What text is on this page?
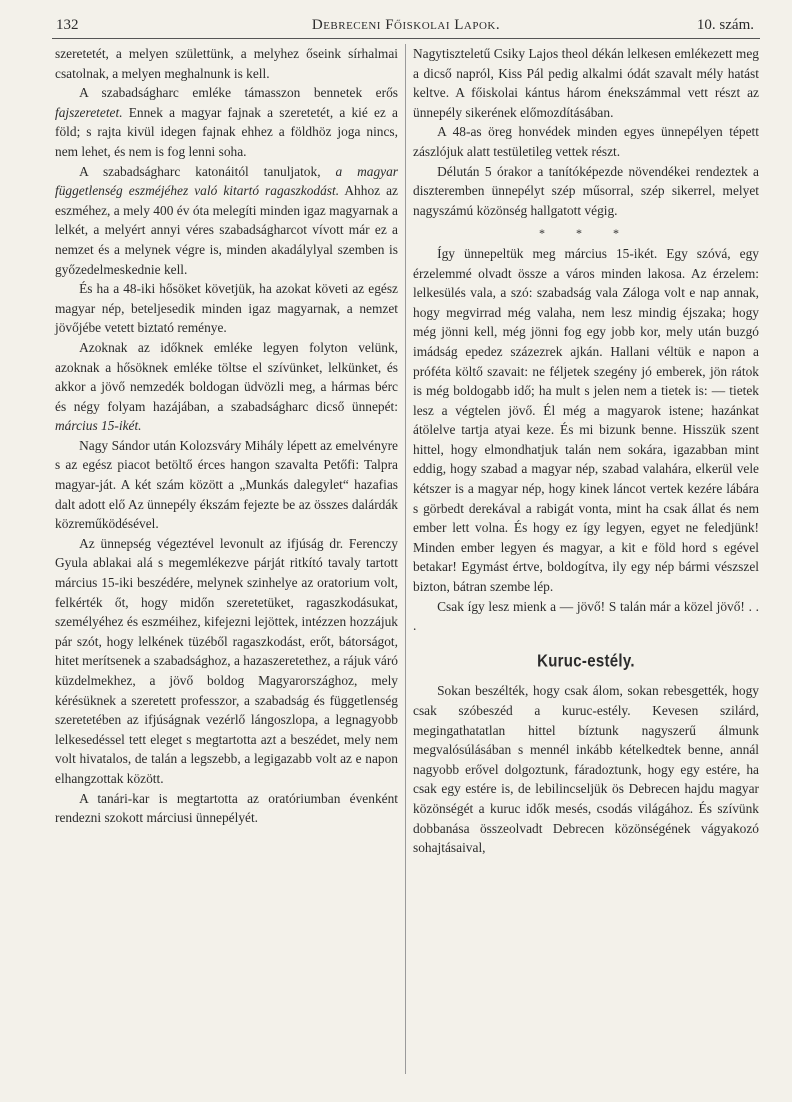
132	Debreceni Főiskolai Lapok.	10. szám.

szeretetét, a melyen születtünk, a melyhez őseink sírhalmai csatolnak, a melyen meghalnunk is kell.

A szabadságharc emléke támasszon bennetek erős fajszeretetet. Ennek a magyar fajnak a szeretetét, a kié ez a föld; s rajta kivül idegen fajnak ehhez a földhöz joga nincs, nem lehet, és nem is fog lenni soha.

A szabadságharc katonáitól tanuljatok, a magyar függetlenség eszméjéhez való kitartó ragaszkodást. Ahhoz az eszméhez, a mely 400 év óta melegíti minden igaz magyarnak a lelkét, a melyért annyi véres szabadságharcot vívott már ez a nemzet és a melynek végre is, minden akadálylyal szemben is győzedelmeskednie kell.

És ha a 48-iki hősöket követjük, ha azokat követi az egész magyar nép, beteljesedik minden igaz magyarnak, a nemzet jövőjébe vetett biztató reménye.

Azoknak az időknek emléke legyen folyton velünk, azoknak a hősöknek emléke töltse el szívünket, lelkünket, és akkor a jövő nemzedék boldogan üdvözli meg, a hármas bérc és négy folyam hazájában, a szabadságharc dicső ünnepét: március 15-ikét.

Nagy Sándor után Kolozsváry Mihály lépett az emelvényre s az egész piacot betöltő érces hangon szavalta Petőfi: Talpra magyar-ját. A két szám között a „Munkás dalegylet“ hazafias dalt adott elő Az ünnepély ékszám fejezte be az összes dalárdák közreműködésével.

Az ünnepség végeztével levonult az ifjúság dr. Ferenczy Gyula ablakai alá s megemlékezve párját ritkító tavaly tartott március 15-iki beszédére, melynek szinhelye az oratorium volt, felkérték őt, hogy midőn szeretetüket, ragaszkodásukat, személyéhez és eszméihez, kifejezni lejöttek, intézzen hozzájuk pár szót, hogy lelkének tüzéből ragaszkodást, erőt, bátorságot, hitet merítsenek a szabadsághoz, a hazaszeretethez, a rájuk váró küzdelmekhez, a jövő boldog Magyarországhoz, mely kérésüknek a szeretett professzor, a szabadság és függetlenség szeretetében az ifjúságnak vezérlő lángoszlopa, a legnagyobb lelkesedéssel tett eleget s megtartotta azt a beszédet, mely nem volt hivatalos, de talán a legszebb, a legigazabb volt az e napon elhangzottak között.

A tanári-kar is megtartotta az oratóriumban évenként rendezni szokott márciusi ünnepélyét.

Nagytiszteletű Csiky Lajos theol dékán lelkesen emlékezett meg a dicső napról, Kiss Pál pedig alkalmi ódát szavalt mély hatást keltve. A főiskolai kántus három énekszámmal vett részt az ünnepély sikerének előmozdításában.

A 48-as öreg honvédek minden egyes ünnepélyen tépett zászlójuk alatt testületileg vettek részt.

Délután 5 órakor a tanítóképezde növendékei rendeztek a diszteremben ünnepélyt szép műsorral, szép sikerrel, melyet nagyszámú közönség hallgatott végig.

* * *

Így ünnepeltük meg március 15-ikét. Egy szóvá, egy érzelemmé olvadt össze a város minden lakosa. Az érzelem: lelkesülés vala, a szó: szabadság vala Záloga volt e nap annak, hogy megvirrad még valaha, nem lesz mindig éjszaka; hogy még jönni kell, még jönni fog egy jobb kor, mely után buzgó imádság epedez százezrek ajkán. Hallani véltük e napon a próféta költő szavait: ne féljetek szegény jó emberek, jön rátok is még boldogabb idő; ha mult s jelen nem a tietek is: — tietek lesz a végtelen jövő. Él még a magyarok istene; hazánkat átölelve tartja atyai keze. És mi bizunk benne. Hisszük szent hittel, hogy elmondhatjuk talán nem sokára, igazabban mint eddig, hogy szabad a magyar nép, szabad valahára, elkerül vele kétszer is a magyar nép, hogy kinek láncot vertek kezére lábára s görbedt derekával a rabigát vonta, mint ha csak állat és nem ember lett volna. És hogy ez így legyen, egyet ne feledjünk! Minden ember legyen és magyar, a kit e föld hord s egével betakar! Egymást értve, boldogítva, ily egy nép bármi vészszel bizton, bátran szembe lép.

Csak így lesz mienk a — jövő! S talán már a közel jövő! . . .

Kuruc-estély.

Sokan beszélték, hogy csak álom, sokan rebesgették, hogy csak szóbeszéd a kuruc-estély. Kevesen szilárd, megingathatatlan hittel bíztunk nagyszerű álmunk megvalósúlásában s mennél inkább kételkedtek benne, annál nagyobb erővel dolgoztunk, fáradoztunk, hogy egy estére, ha csak egy estére is, de lebilincseljük ös Debrecen hajdu magyar közönségét a kuruc idők mesés, csodás világához. És szívünk dobbanása összeolvadt Debrecen közönségének vágyakozó sohajtásaival,
